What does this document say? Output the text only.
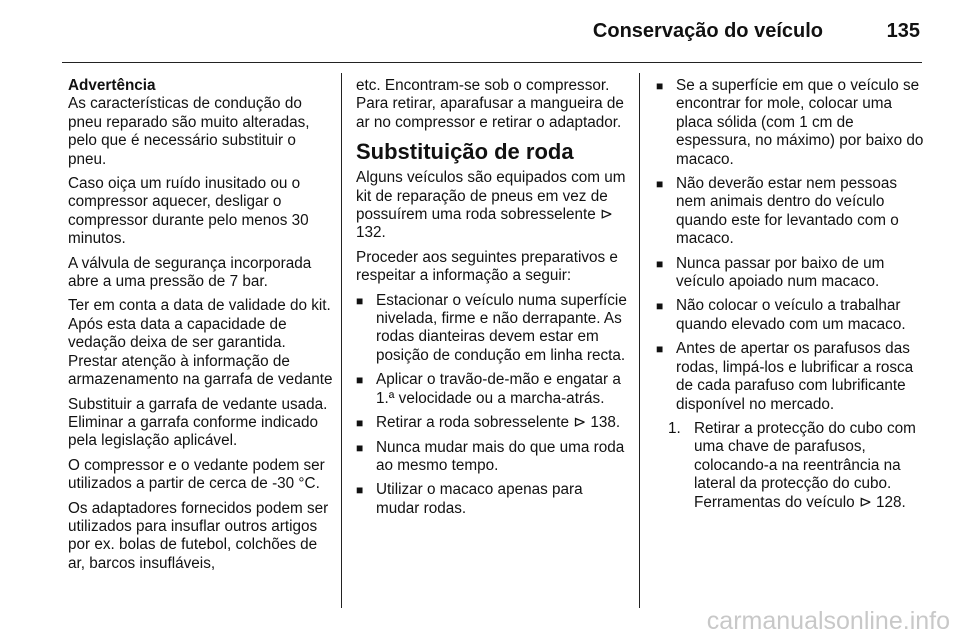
Conservação do veículo	135

Advertência

As características de condução do pneu reparado são muito alteradas, pelo que é necessário substituir o pneu.

Caso oiça um ruído inusitado ou o compressor aquecer, desligar o compressor durante pelo menos 30 minutos.

A válvula de segurança incorporada abre a uma pressão de 7 bar.

Ter em conta a data de validade do kit. Após esta data a capacidade de vedação deixa de ser garantida. Prestar atenção à informação de armazenamento na garrafa de vedante

Substituir a garrafa de vedante usada. Eliminar a garrafa conforme indicado pela legislação aplicável.

O compressor e o vedante podem ser utilizados a partir de cerca de -30 °C.

Os adaptadores fornecidos podem ser utilizados para insuflar outros artigos por ex. bolas de futebol, colchões de ar, barcos insufláveis,

etc. Encontram-se sob o compressor. Para retirar, aparafusar a mangueira de ar no compressor e retirar o adaptador.

Substituição de roda

Alguns veículos são equipados com um kit de reparação de pneus em vez de possuírem uma roda sobresselente ⊳ 132.

Proceder aos seguintes preparativos e respeitar a informação a seguir:

■ Estacionar o veículo numa superfície nivelada, firme e não derrapante. As rodas dianteiras devem estar em posição de condução em linha recta.
■ Aplicar o travão-de-mão e engatar a 1.ª velocidade ou a marcha-atrás.
■ Retirar a roda sobresselente ⊳ 138.
■ Nunca mudar mais do que uma roda ao mesmo tempo.
■ Utilizar o macaco apenas para mudar rodas.
■ Se a superfície em que o veículo se encontrar for mole, colocar uma placa sólida (com 1 cm de espessura, no máximo) por baixo do macaco.
■ Não deverão estar nem pessoas nem animais dentro do veículo quando este for levantado com o macaco.
■ Nunca passar por baixo de um veículo apoiado num macaco.
■ Não colocar o veículo a trabalhar quando elevado com um macaco.
■ Antes de apertar os parafusos das rodas, limpá-los e lubrificar a rosca de cada parafuso com lubrificante disponível no mercado.
1. Retirar a protecção do cubo com uma chave de parafusos, colocando-a na reentrância na lateral da protecção do cubo. Ferramentas do veículo ⊳ 128.
carmanualsonline.info
